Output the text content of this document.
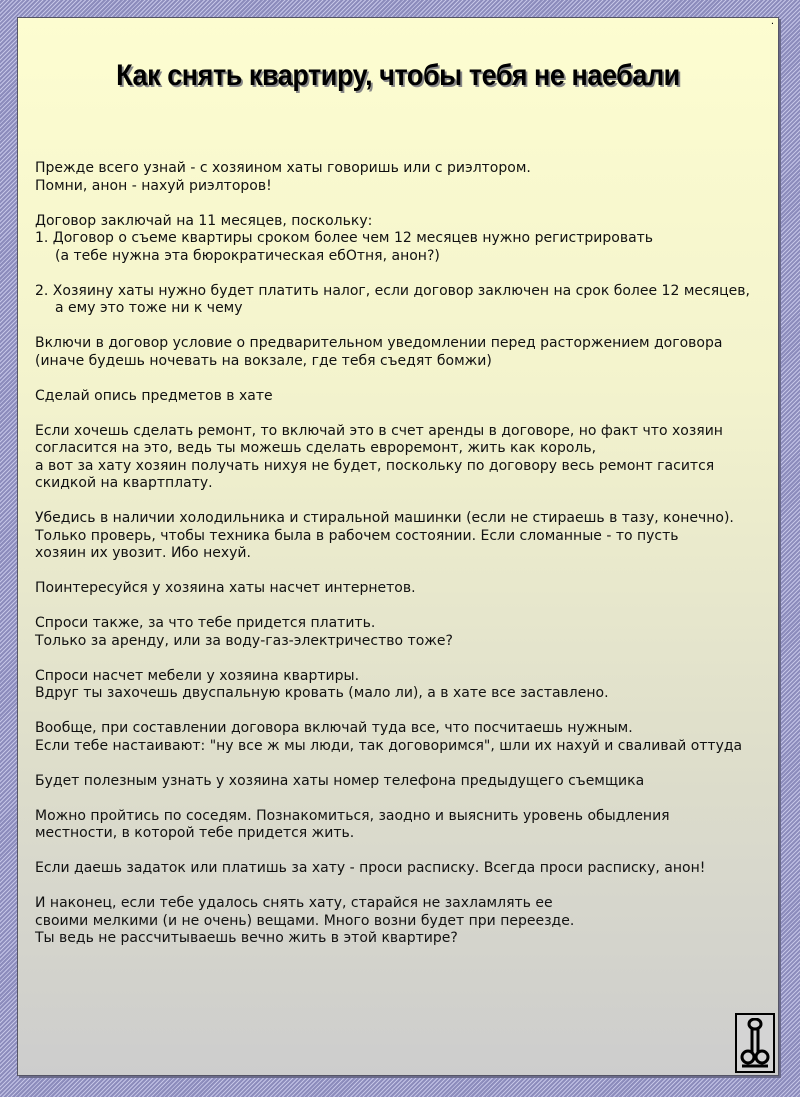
·
Как снять квартиру, чтобы тебя не наебали
Прежде всего узнай - с хозяином хаты говоришь или с риэлтором.
Помни, анон - нахуй риэлторов!
Договор заключай на 11 месяцев, поскольку:
1. Договор о съеме квартиры сроком более чем 12 месяцев нужно регистрировать
(а тебе нужна эта бюрократическая ебОтня, анон?)
2. Хозяину хаты нужно будет платить налог, если договор заключен на срок более 12 месяцев,
а ему это тоже ни к чему
Включи в договор условие о предварительном уведомлении перед расторжением договора
(иначе будешь ночевать на вокзале, где тебя съедят бомжи)
Сделай опись предметов в хате
Если хочешь сделать ремонт, то включай это в счет аренды в договоре, но факт что хозяин
согласится на это, ведь ты можешь сделать евроремонт, жить как король,
а вот за хату хозяин получать нихуя не будет, поскольку по договору весь ремонт гасится
скидкой на квартплату.
Убедись в наличии холодильника и стиральной машинки (если не стираешь в тазу, конечно).
Только проверь, чтобы техника была в рабочем состоянии. Если сломанные - то пусть
хозяин их увозит. Ибо нехуй.
Поинтересуйся у хозяина хаты насчет интернетов.
Спроси также, за что тебе придется платить.
Только за аренду, или за воду-газ-электричество тоже?
Спроси насчет мебели у хозяина квартиры.
Вдруг ты захочешь двуспальную кровать (мало ли), а в хате все заставлено.
Вообще, при составлении договора включай туда все, что посчитаешь нужным.
Если тебе настаивают: "ну все ж мы люди, так договоримся", шли их нахуй и сваливай оттуда
Будет полезным узнать у хозяина хаты номер телефона предыдущего съемщика
Можно пройтись по соседям. Познакомиться, заодно и выяснить уровень обыдления
местности, в которой тебе придется жить.
Если даешь задаток или платишь за хату - проси расписку. Всегда проси расписку, анон!
И наконец, если тебе удалось снять хату, старайся не захламлять ее
своими мелкими (и не очень) вещами. Много возни будет при переезде.
Ты ведь не рассчитываешь вечно жить в этой квартире?
